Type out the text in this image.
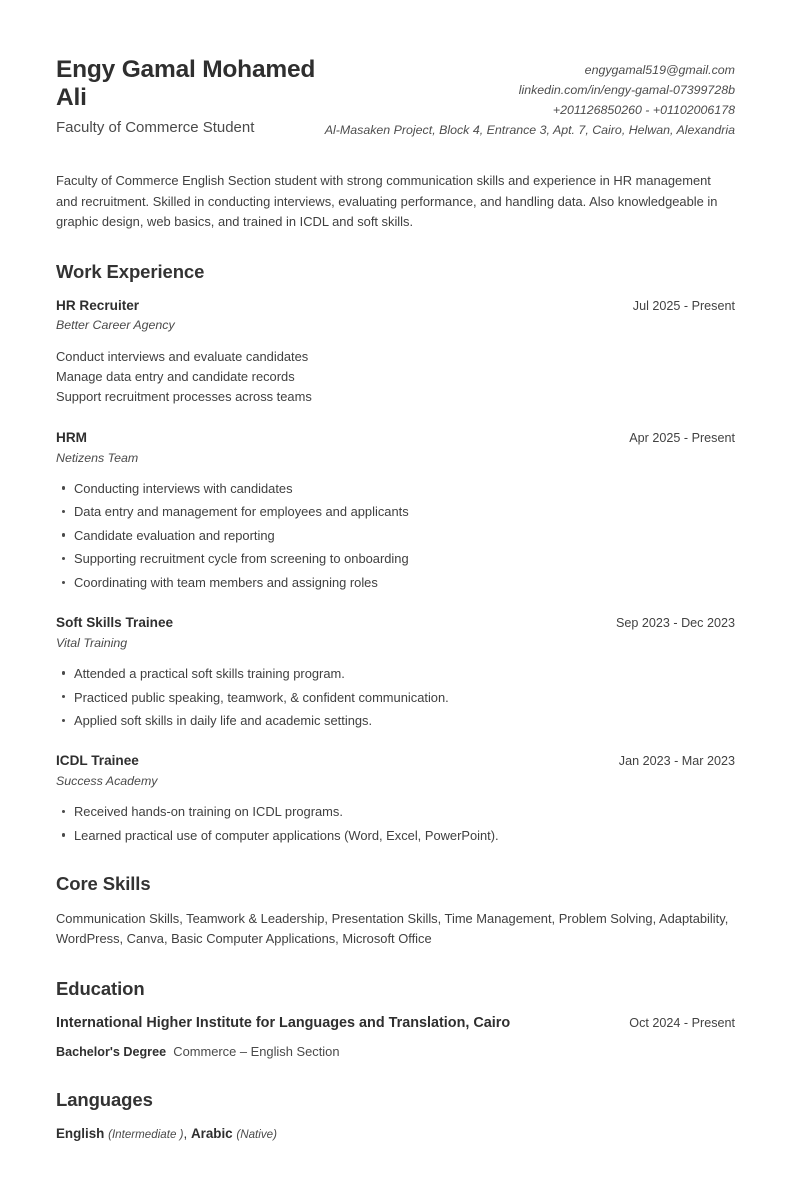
Engy Gamal Mohamed Ali
Faculty of Commerce Student
engygamal519@gmail.com
linkedin.com/in/engy-gamal-07399728b
+201126850260 - +01102006178
Al-Masaken Project, Block 4, Entrance 3, Apt. 7, Cairo, Helwan, Alexandria
Faculty of Commerce English Section student with strong communication skills and experience in HR management and recruitment. Skilled in conducting interviews, evaluating performance, and handling data. Also knowledgeable in graphic design, web basics, and trained in ICDL and soft skills.
Work Experience
HR Recruiter	Jul 2025 - Present
Better Career Agency
Conduct interviews and evaluate candidates
Manage data entry and candidate records
Support recruitment processes across teams
HRM	Apr 2025 - Present
Netizens Team
Conducting interviews with candidates
Data entry and management for employees and applicants
Candidate evaluation and reporting
Supporting recruitment cycle from screening to onboarding
Coordinating with team members and assigning roles
Soft Skills Trainee	Sep 2023 - Dec 2023
Vital Training
Attended a practical soft skills training program.
Practiced public speaking, teamwork, & confident communication.
Applied soft skills in daily life and academic settings.
ICDL Trainee	Jan 2023 - Mar 2023
Success Academy
Received hands-on training on ICDL programs.
Learned practical use of computer applications (Word, Excel, PowerPoint).
Core Skills
Communication Skills, Teamwork & Leadership, Presentation Skills, Time Management, Problem Solving, Adaptability, WordPress, Canva, Basic Computer Applications, Microsoft Office
Education
International Higher Institute for Languages and Translation, Cairo	Oct 2024 - Present
Bachelor's Degree Commerce – English Section
Languages
English (Intermediate ), Arabic (Native)
